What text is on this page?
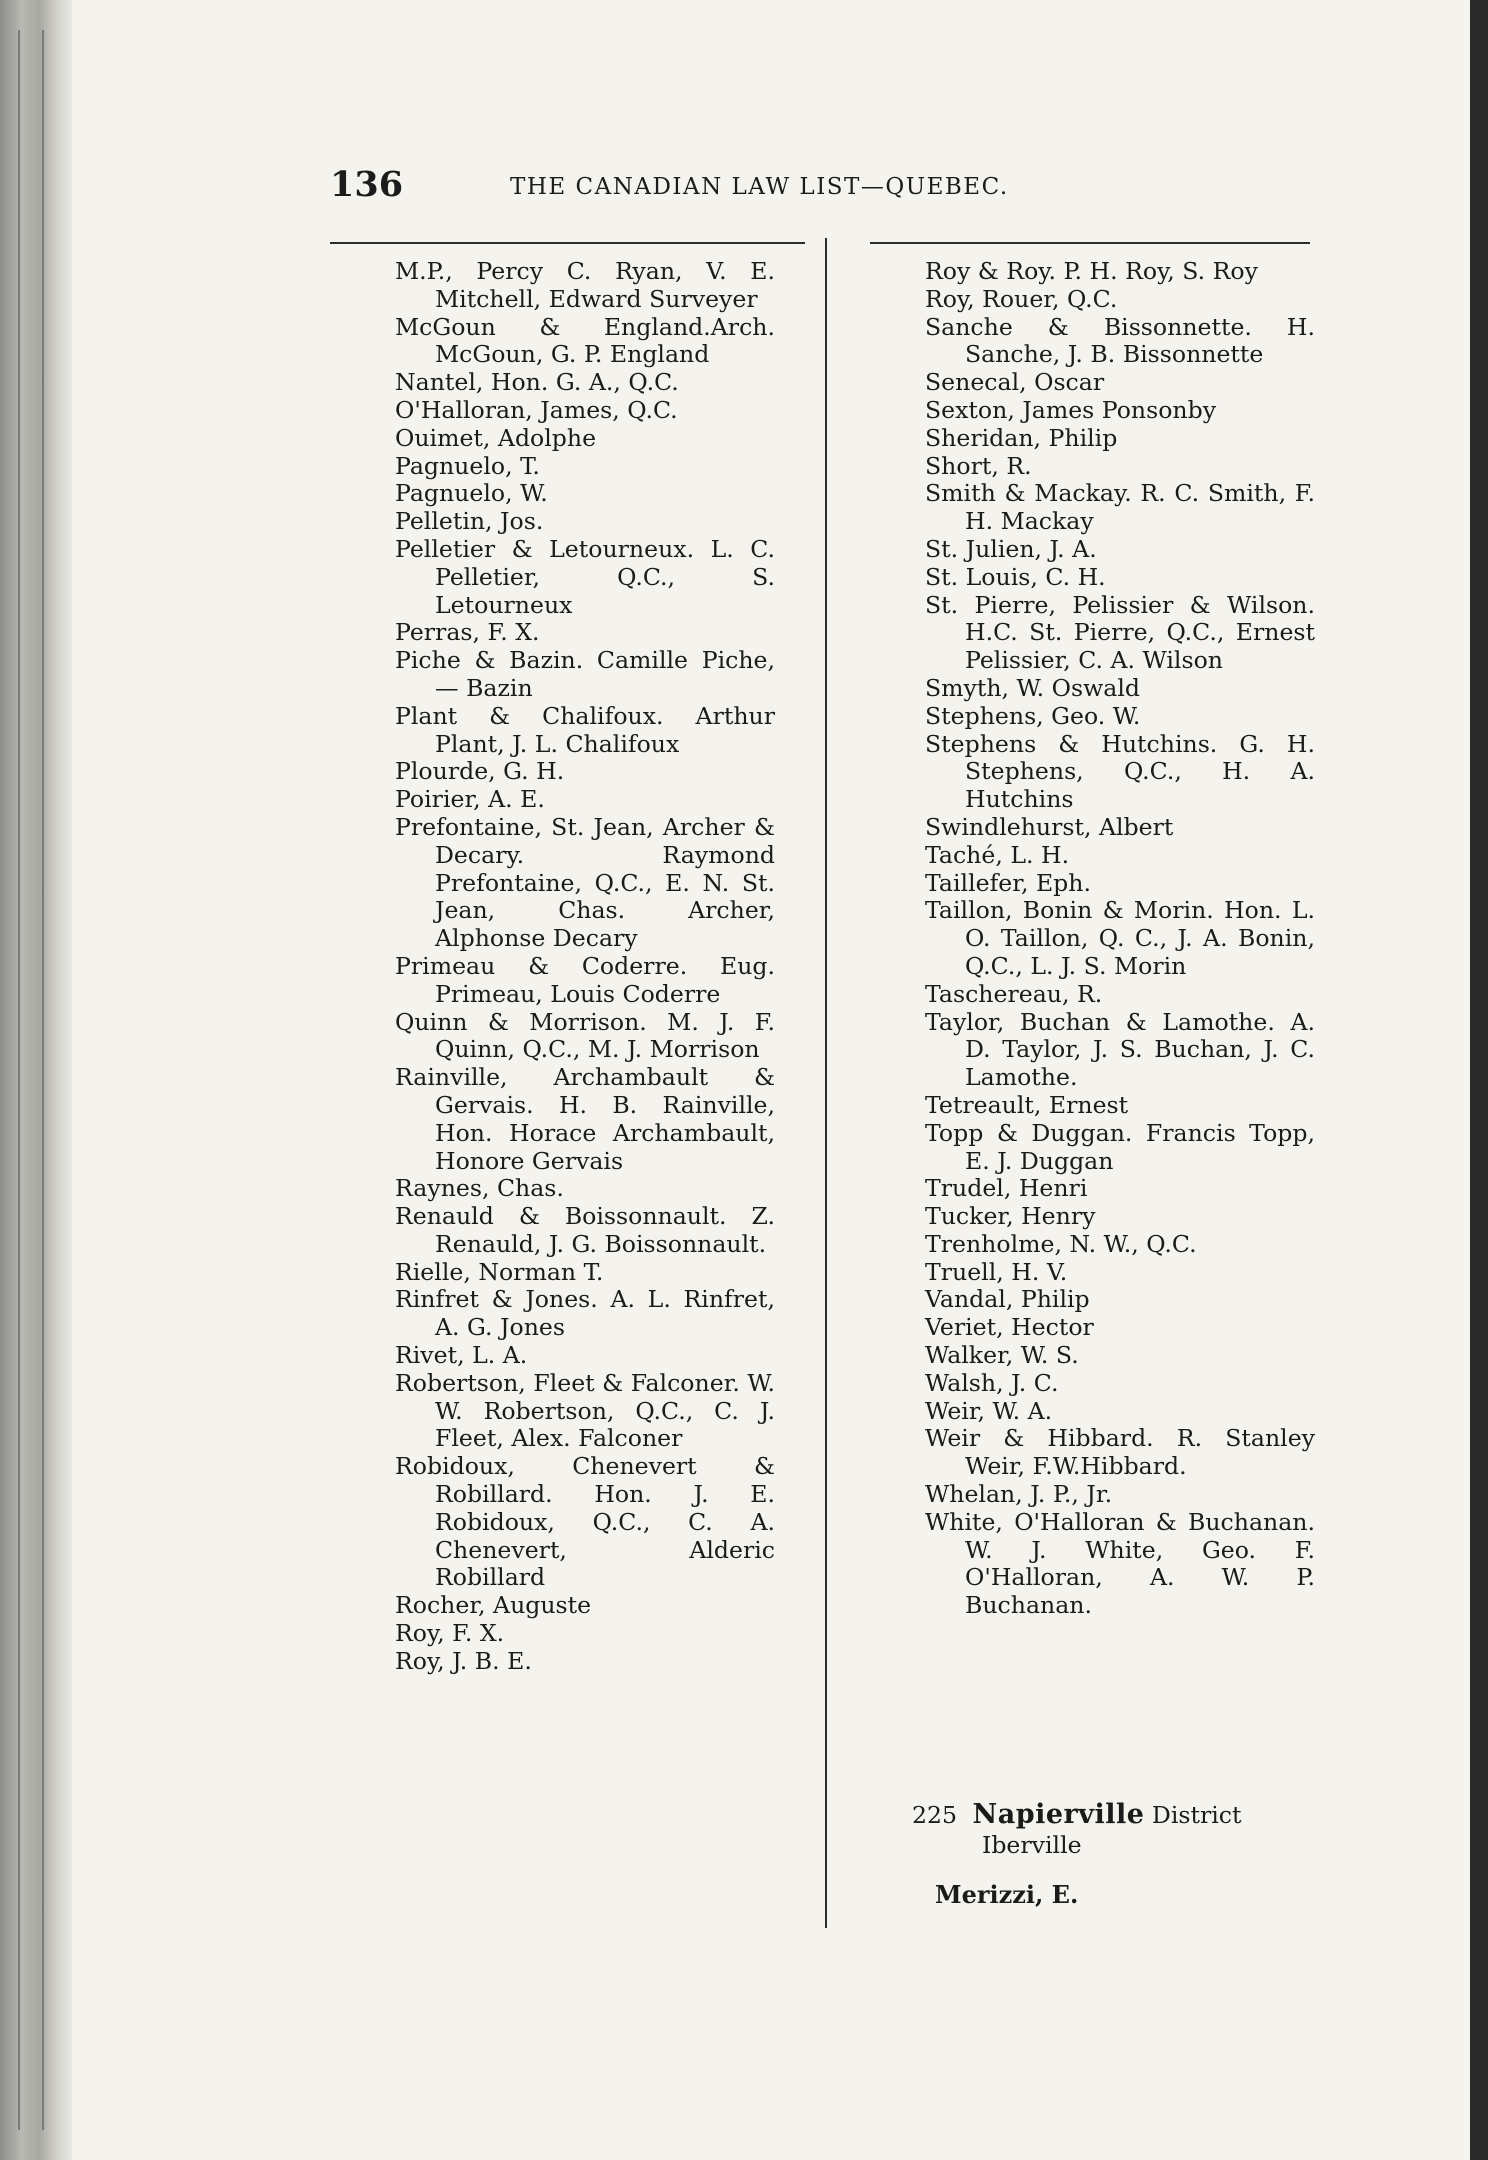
136	THE CANADIAN LAW LIST—QUEBEC.
M.P., Percy C. Ryan, V. E. Mitchell, Edward Surveyer
McGoun & England.Arch. McGoun, G. P. England
Nantel, Hon. G. A., Q.C.
O'Halloran, James, Q.C.
Ouimet, Adolphe
Pagnuelo, T.
Pagnuelo, W.
Pelletin, Jos.
Pelletier & Letourneux. L. C. Pelletier, Q.C., S. Letourneux
Perras, F. X.
Piche & Bazin. Camille Piche, — Bazin
Plant & Chalifoux. Arthur Plant, J. L. Chalifoux
Plourde, G. H.
Poirier, A. E.
Prefontaine, St. Jean, Archer & Decary. Raymond Prefontaine, Q.C., E. N. St. Jean, Chas. Archer, Alphonse Decary
Primeau & Coderre. Eug. Primeau, Louis Coderre
Quinn & Morrison. M. J. F. Quinn, Q.C., M. J. Morrison
Rainville, Archambault & Gervais. H. B. Rainville, Hon. Horace Archambault, Honore Gervais
Raynes, Chas.
Renauld & Boissonnault. Z. Renauld, J. G. Boissonnault.
Rielle, Norman T.
Rinfret & Jones. A. L. Rinfret, A. G. Jones
Rivet, L. A.
Robertson, Fleet & Falconer. W. W. Robertson, Q.C., C. J. Fleet, Alex. Falconer
Robidoux, Chenevert & Robillard. Hon. J. E. Robidoux, Q.C., C. A. Chenevert, Alderic Robillard
Rocher, Auguste
Roy, F. X.
Roy, J. B. E.
Roy & Roy. P. H. Roy, S. Roy
Roy, Rouer, Q.C.
Sanche & Bissonnette. H. Sanche, J. B. Bissonnette
Senecal, Oscar
Sexton, James Ponsonby
Sheridan, Philip
Short, R.
Smith & Mackay. R. C. Smith, F. H. Mackay
St. Julien, J. A.
St. Louis, C. H.
St. Pierre, Pelissier & Wilson. H.C. St. Pierre, Q.C., Ernest Pelissier, C. A. Wilson
Smyth, W. Oswald
Stephens, Geo. W.
Stephens & Hutchins. G. H. Stephens, Q.C., H. A. Hutchins
Swindlehurst, Albert
Taché, L. H.
Taillefer, Eph.
Taillon, Bonin & Morin. Hon. L. O. Taillon, Q. C., J. A. Bonin, Q.C., L. J. S. Morin
Taschereau, R.
Taylor, Buchan & Lamothe. A. D. Taylor, J. S. Buchan, J. C. Lamothe.
Tetreault, Ernest
Topp & Duggan. Francis Topp, E. J. Duggan
Trudel, Henri
Tucker, Henry
Trenholme, N. W., Q.C.
Truell, H. V.
Vandal, Philip
Veriet, Hector
Walker, W. S.
Walsh, J. C.
Weir, W. A.
Weir & Hibbard. R. Stanley Weir, F.W.Hibbard.
Whelan, J. P., Jr.
White, O'Halloran & Buchanan. W. J. White, Geo. F. O'Halloran, A. W. P. Buchanan.
225 Napierville District
Iberville
Merizzi, E.
